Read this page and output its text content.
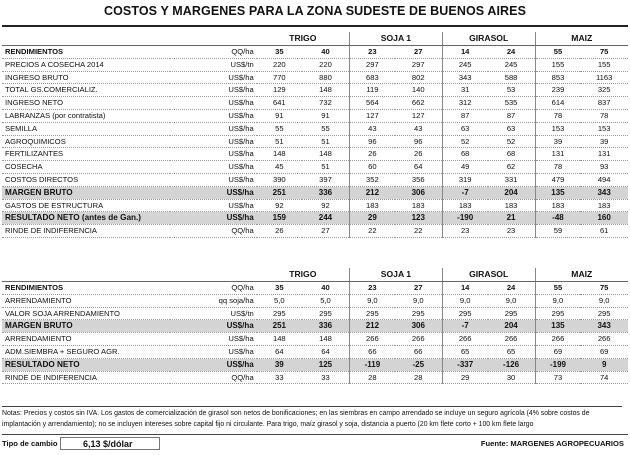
COSTOS Y MARGENES PARA LA ZONA SUDESTE DE BUENOS AIRES
POR ADMINISTRACIÓN		TRIGO		SOJA 1		GIRASOL		MAIZ	
RENDIMIENTOS	QQ/ha	35	40	23	27	14	24	55	75
PRECIOS A COSECHA 2014	US$/tn	220	220	297	297	245	245	155	155
INGRESO BRUTO	US$/ha	770	880	683	802	343	588	853	1163
TOTAL GS.COMERCIALIZ.	US$/ha	129	148	119	140	31	53	239	325
INGRESO NETO	US$/ha	641	732	564	662	312	535	614	837
LABRANZAS (por contratista)	US$/ha	91	91	127	127	87	87	78	78
SEMILLA	US$/ha	55	55	43	43	63	63	153	153
AGROQUIMICOS	US$/ha	51	51	96	96	52	52	39	39
FERTILIZANTES	US$/ha	148	148	26	26	68	68	131	131
COSECHA	US$/ha	45	51	60	64	49	62	78	93
COSTOS DIRECTOS	US$/ha	390	397	352	356	319	331	479	494
MARGEN BRUTO	US$/ha	251	336	212	306	-7	204	135	343
GASTOS DE ESTRUCTURA	US$/ha	92	92	183	183	183	183	183	183
RESULTADO NETO (antes de Gan.)	US$/ha	159	244	29	123	-190	21	-48	160
RINDE DE INDIFERENCIA	QQ/ha	26	27	22	22	23	23	59	61
EN CAMPO ARRENDADO		TRIGO		SOJA 1		GIRASOL		MAIZ	
RENDIMIENTOS	QQ/ha	35	40	23	27	14	24	55	75
ARRENDAMIENTO	qq soja/ha	5,0	5,0	9,0	9,0	9,0	9,0	9,0	9,0
VALOR SOJA ARRENDAMIENTO	US$/tn	295	295	295	295	295	295	295	295
MARGEN BRUTO	US$/ha	251	336	212	306	-7	204	135	343
ARRENDAMIENTO	US$/ha	148	148	266	266	266	266	266	266
ADM.SIEMBRA + SEGURO AGR.	US$/ha	64	64	66	66	65	65	69	69
RESULTADO NETO	US$/ha	39	125	-119	-25	-337	-126	-199	9
RINDE DE INDIFERENCIA	QQ/ha	33	33	28	28	29	30	73	74
Notas: Precios y costos sin IVA. Los gastos de comercialización de girasol son netos de bonificaciones; en las siembras en campo arrendado se incluye un seguro agrícola (4% sobre costos de implantación y arrendamiento); no se incluyen intereses sobre capital fijo ni circulante. Para trigo, maíz girasol y soja, distancia a puerto (20 km flete corto + 100 km flete largo
Tipo de cambio	6,13 $/dólar	Fuente: MARGENES AGROPECUARIOS
